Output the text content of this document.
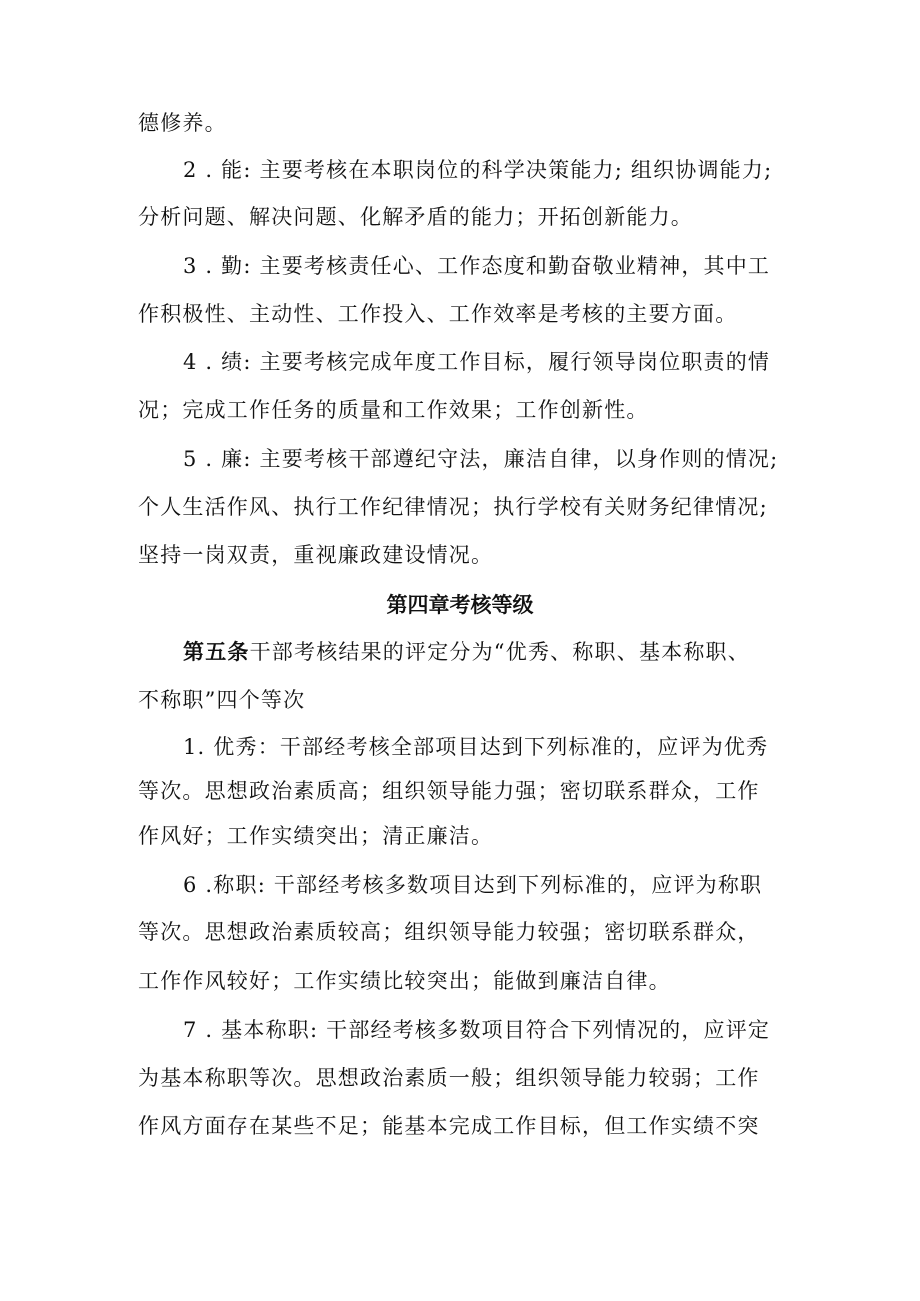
德修养。
2 . 能: 主要考核在本职岗位的科学决策能力; 组织协调能力;
分析问题、解决问题、化解矛盾的能力；开拓创新能力。
3 . 勤: 主要考核责任心、工作态度和勤奋敬业精神，其中工
作积极性、主动性、工作投入、工作效率是考核的主要方面。
4 . 绩: 主要考核完成年度工作目标，履行领导岗位职责的情
况；完成工作任务的质量和工作效果；工作创新性。
5 . 廉: 主要考核干部遵纪守法，廉洁自律，以身作则的情况;
个人生活作风、执行工作纪律情况；执行学校有关财务纪律情况;
坚持一岗双责，重视廉政建设情况。
第四章考核等级
第五条干部考核结果的评定分为“优秀、称职、基本称职、
不称职”四个等次
1. 优秀：干部经考核全部项目达到下列标准的，应评为优秀
等次。思想政治素质高；组织领导能力强；密切联系群众，工作
作风好；工作实绩突出；清正廉洁。
6 .称职: 干部经考核多数项目达到下列标准的，应评为称职
等次。思想政治素质较高；组织领导能力较强；密切联系群众，
工作作风较好；工作实绩比较突出；能做到廉洁自律。
7 . 基本称职: 干部经考核多数项目符合下列情况的，应评定
为基本称职等次。思想政治素质一般；组织领导能力较弱；工作
作风方面存在某些不足；能基本完成工作目标，但工作实绩不突
